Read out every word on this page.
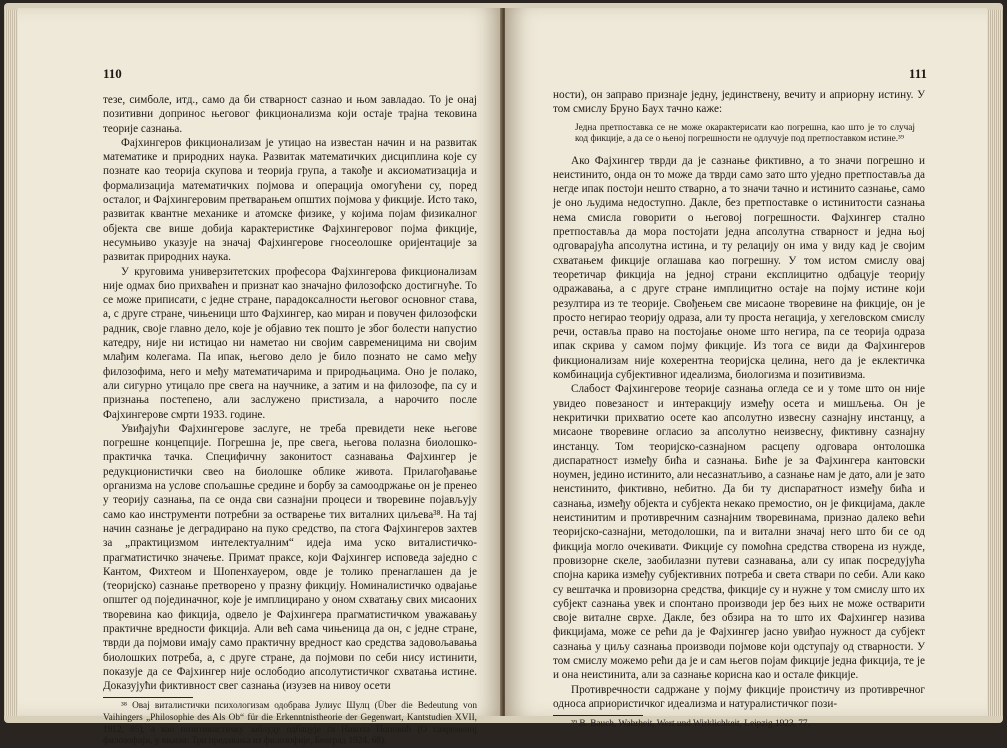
110

тезе, симболе, итд., само да би стварност сазнао и њом завладао. То је онај позитивни допринос његовог фикционализма који остаје трајна тековина теорије сазнања.

Фајхингеров фикционализам је утицао на известан начин и на развитак математике и природних наука. Развитак математичких дисциплина које су познате као теорија скупова и теорија група, а такође и аксиоматизација и формализација математичких појмова и операција омогућени су, поред осталог, и Фајхингеровим претварањем општих појмова у фикције. Исто тако, развитак квантне механике и атомске физике, у којима појам физикалног објекта све више добија карактеристике Фајхингеровог појма фикције, несумњиво указује на значај Фајхингерове гносеолошке оријентације за развитак природних наука.

У круговима универзитетских професора Фајхингерова фикционализам није одмах био прихваћен и признат као значајно филозофско достигнуће. То се може приписати, с једне стране, парадоксалности његовог основног става, а, с друге стране, чињеници што Фајхингер, као миран и повучен филозофски радник, своје главно дело, које је објавио тек пошто је због болести напустио катедру, није ни истицао ни наметао ни својим савременицима ни својим млађим колегама. Па ипак, његово дело је било познато не само међу филозофима, него и међу математичарима и природњацима. Оно је полако, али сигурно утицало пре свега на научнике, а затим и на филозофе, па су и признања постепено, али заслужено пристизала, а нарочито после Фајхингерове смрти 1933. године.

Увиђајући Фајхингерове заслуге, не треба превидети неке његове погрешне концепције. Погрешна је, пре свега, његова полазна биолошко-практичка тачка. Специфичну законитост сазнавања Фајхингер је редукционистички свео на биолошке облике живота. Прилагођавање организма на услове спољашње средине и борбу за самоодржање он је пренео у теорију сазнања, па се онда сви сазнајни процеси и творевине појављују само као инструменти потребни за остварење тих виталних циљева³⁸. На тај начин сазнање је деградирано на пуко средство, па стога Фајхингеров захтев за „практицизмом интелектуалним“ идеја има уско виталистичко-прагматистичко значење. Примат праксе, који Фајхингер исповеда заједно с Кантом, Фихтеом и Шопенхауером, овде је толико пренаглашен да је (теоријско) сазнање претворено у празну фикцију. Номиналистичко одвајање општег од појединачног, које је имплицирано у оном схватању свих мисаоних творевина као фикција, одвело је Фајхингера прагматистичком уважавању практичне вредности фикција. Али већ сама чињеница да он, с једне стране, тврди да појмови имају само практичну вредност као средства задовољавања биолошких потреба, а, с друге стране, да појмови по себи нису истинити, показује да се Фајхингер није ослободио апсолутистичког схватања истине. Доказујући фиктивност свег сазнања (изузев на нивоу осети

³⁸ Овај виталистички психологизам одобрава Јулиус Шулц (Über die Bedeutung von Vaihingers „Philosophie des Als Ob“ für die Erkenntnistheorie der Gegenwart, Kantstudien XVII, 1912, 85), а као позитивистичку заблуду одбацује га Никола Поповић (О савременој филозофији, у књизи: Три предавања из филозофије, Београд 1924, 68).
111

ности), он заправо признаје једну, јединствену, вечиту и априорну истину. У том смислу Бруно Баух тачно каже:

Једна претпоставка се не може окарактерисати као погрешна, као што је то случај код фикције, а да се о њеној погрешности не одлучује под претпоставком истине.³⁹

Ако Фајхингер тврди да је сазнање фиктивно, а то значи погрешно и неистинито, онда он то може да тврди само зато што уједно претпоставља да негде ипак постоји нешто стварно, а то значи тачно и истинито сазнање, само је оно људима недоступно. Дакле, без претпоставке о истинитости сазнања нема смисла говорити о његовој погрешности. Фајхингер стално претпоставља да мора постојати једна апсолутна стварност и једна њој одговарајућа апсолутна истина, и ту релацију он има у виду кад је својим схватањем фикције оглашава као погрешну. У том истом смислу овај теоретичар фикција на једној страни експлицитно одбацује теорију одражавања, а с друге стране имплицитно остаје на појму истине који резултира из те теорије. Свођењем све мисаоне творевине на фикције, он је просто негирао теорију одраза, али ту проста негација, у хегеловском смислу речи, оставља право на постојање ономе што негира, па се теорија одраза ипак скрива у самом појму фикције. Из тога се види да Фајхингеров фикционализам није кохерентна теоријска целина, него да је еклектичка комбинација субјективног идеализма, биологизма и позитивизма.

Слабост Фајхингерове теорије сазнања огледа се и у томе што он није увидео повезаност и интеракцију између осета и мишљења. Он је некритички прихватио осете као апсолутно извесну сазнајну инстанцу, а мисаоне творевине огласио за апсолутно неизвесну, фиктивну сазнајну инстанцу. Том теоријско-сазнајном расцепу одговара онтолошка диспаратност између бића и сазнања. Биће је за Фајхингера кантовски ноумен, једино истинито, али несазнатљиво, а сазнање нам је дато, али је зато неистинито, фиктивно, небитно. Да би ту диспаратност између бића и сазнања, између објекта и субјекта некако премостио, он је фикцијама, дакле неистинитим и противречним сазнајним творевинама, признао далеко већи теоријско-сазнајни, методолошки, па и витални значај него што би се од фикција могло очекивати. Фикције су помоћна средства створена из нужде, провизорне скеле, заобилазни путеви сазнавања, али су ипак посредујућа спојна карика између субјективних потреба и света ствари по себи. Али како су вештачка и провизорна средства, фикције су и нужне у том смислу што их субјект сазнања увек и спонтано производи јер без њих не може остварити своје виталне сврхе. Дакле, без обзира на то што их Фајхингер назива фикцијама, може се рећи да је Фајхингер јасно увиђао нужност да субјект сазнања у циљу сазнања производи појмове који одступају од стварности. У том смислу можемо рећи да је и сам његов појам фикције једна фикција, те је и она неистинита, али за сазнање корисна као и остале фикције.

Противречности садржане у појму фикције проистичу из противречног односа априористичког идеализма и натуралистичког пози-

³⁹ B. Bauch, Wahrheit, Wert und Wirklichkeit, Leipzig 1923, 77.
